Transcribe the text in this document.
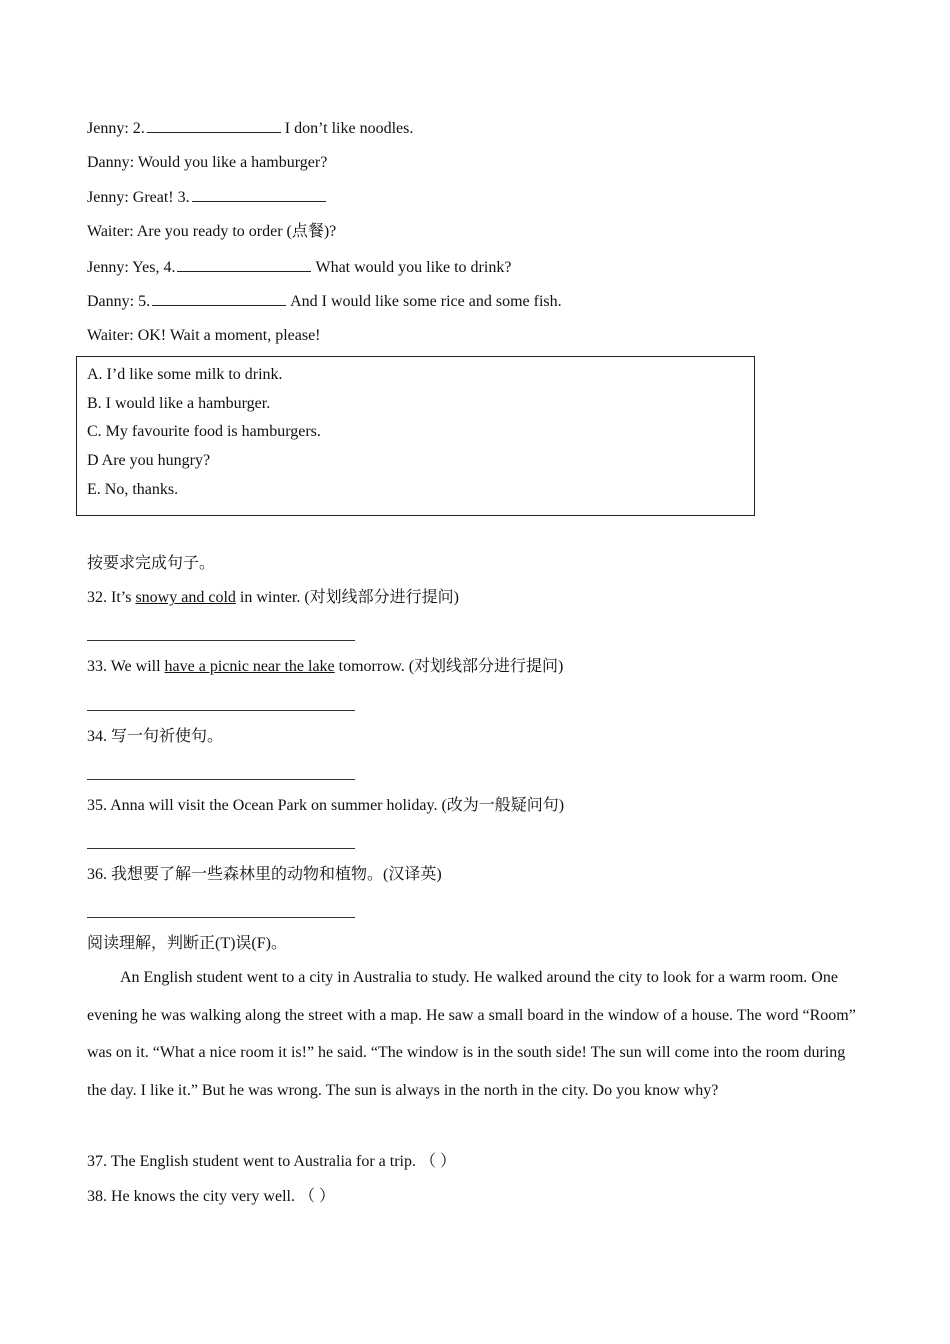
Jenny: 2.	I don’t like noodles.
Danny: Would you like a hamburger?
Jenny: Great! 3.
Waiter: Are you ready to order (点餐)?
Jenny: Yes, 4.	What would you like to drink?
Danny: 5.	And I would like some rice and some fish.
Waiter: OK! Wait a moment, please!
A. I’d like some milk to drink.
B. I would like a hamburger.
C. My favourite food is hamburgers.
D Are you hungry?
E. No, thanks.
按要求完成句子。
32. It’s snowy and cold in winter. (对划线部分进行提问)
33. We will have a picnic near the lake tomorrow. (对划线部分进行提问)
34. 写一句祈使句。
35. Anna will visit the Ocean Park on summer holiday. (改为一般疑问句)
36. 我想要了解一些森林里的动物和植物。(汉译英)
阅读理解，判断正(T)误(F)。
An English student went to a city in Australia to study. He walked around the city to look for a warm room. One evening he was walking along the street with a map. He saw a small board in the window of a house. The word “Room” was on it. “What a nice room it is!” he said. “The window is in the south side! The sun will come into the room during the day. I like it.” But he was wrong. The sun is always in the north in the city. Do you know why?
37. The English student went to Australia for a trip. （ ）
38. He knows the city very well. （ ）
